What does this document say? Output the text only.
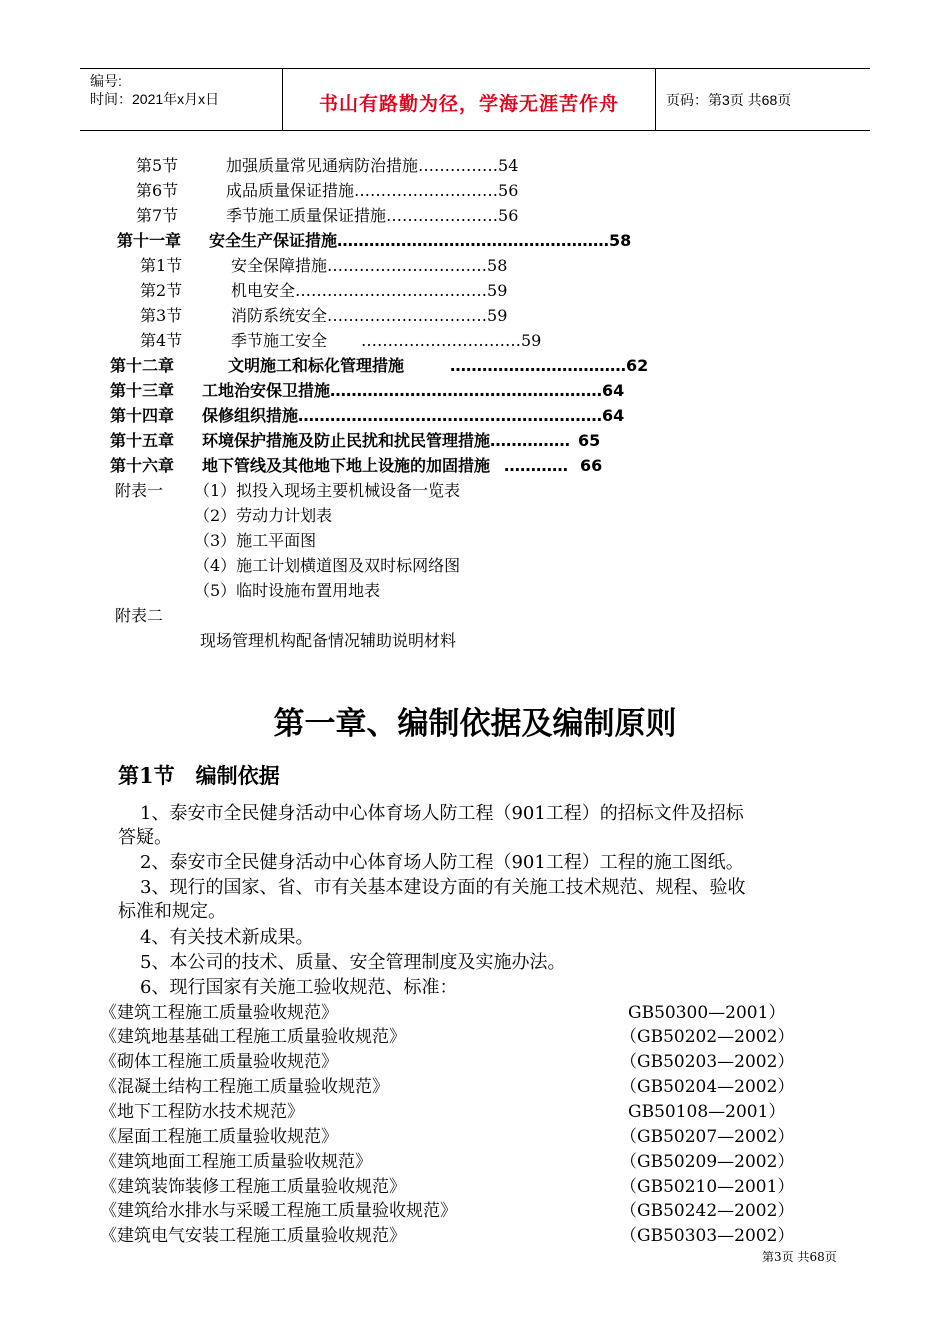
编号:
时间：2021年x月x日	书山有路勤为径，学海无涯苦作舟	页码：第3页 共68页
第5节	加强质量常见通病防治措施……………54
第6节	成品质量保证措施………………………56
第7节	季节施工质量保证措施…………………56
第十一章 安全生产保证措施……………………………………………58
第1节	安全保障措施…………………………58
第2节	机电安全………………………………59
第3节	消防系统安全…………………………59
第4节	季节施工安全 …………………………59
第十二章	文明施工和标化管理措施	……………………………62
第十三章 工地治安保卫措施……………………………………………64
第十四章 保修组织措施…………………………………………………64
第十五章 环境保护措施及防止民扰和扰民管理措施…………… 65
第十六章 地下管线及其他地下地上设施的加固措施 ………… 66
附表一 （1）拟投入现场主要机械设备一览表
（2）劳动力计划表
（3）施工平面图
（4）施工计划横道图及双时标网络图
（5）临时设施布置用地表
附表二
现场管理机构配备情况辅助说明材料
第一章、编制依据及编制原则
第1节　编制依据
1、泰安市全民健身活动中心体育场人防工程（901工程）的招标文件及招标
答疑。
2、泰安市全民健身活动中心体育场人防工程（901工程）工程的施工图纸。
3、现行的国家、省、市有关基本建设方面的有关施工技术规范、规程、验收
标准和规定。
4、有关技术新成果。
5、本公司的技术、质量、安全管理制度及实施办法。
6、现行国家有关施工验收规范、标准：
《建筑工程施工质量验收规范》	GB50300—2001）
《建筑地基基础工程施工质量验收规范》	（GB50202—2002）
《砌体工程施工质量验收规范》	（GB50203—2002）
《混凝土结构工程施工质量验收规范》	（GB50204—2002）
《地下工程防水技术规范》	GB50108—2001）
《屋面工程施工质量验收规范》	（GB50207—2002）
《建筑地面工程施工质量验收规范》	（GB50209—2002）
《建筑装饰装修工程施工质量验收规范》	（GB50210—2001）
《建筑给水排水与采暖工程施工质量验收规范》	（GB50242—2002）
《建筑电气安装工程施工质量验收规范》	（GB50303—2002）
第3页 共68页
